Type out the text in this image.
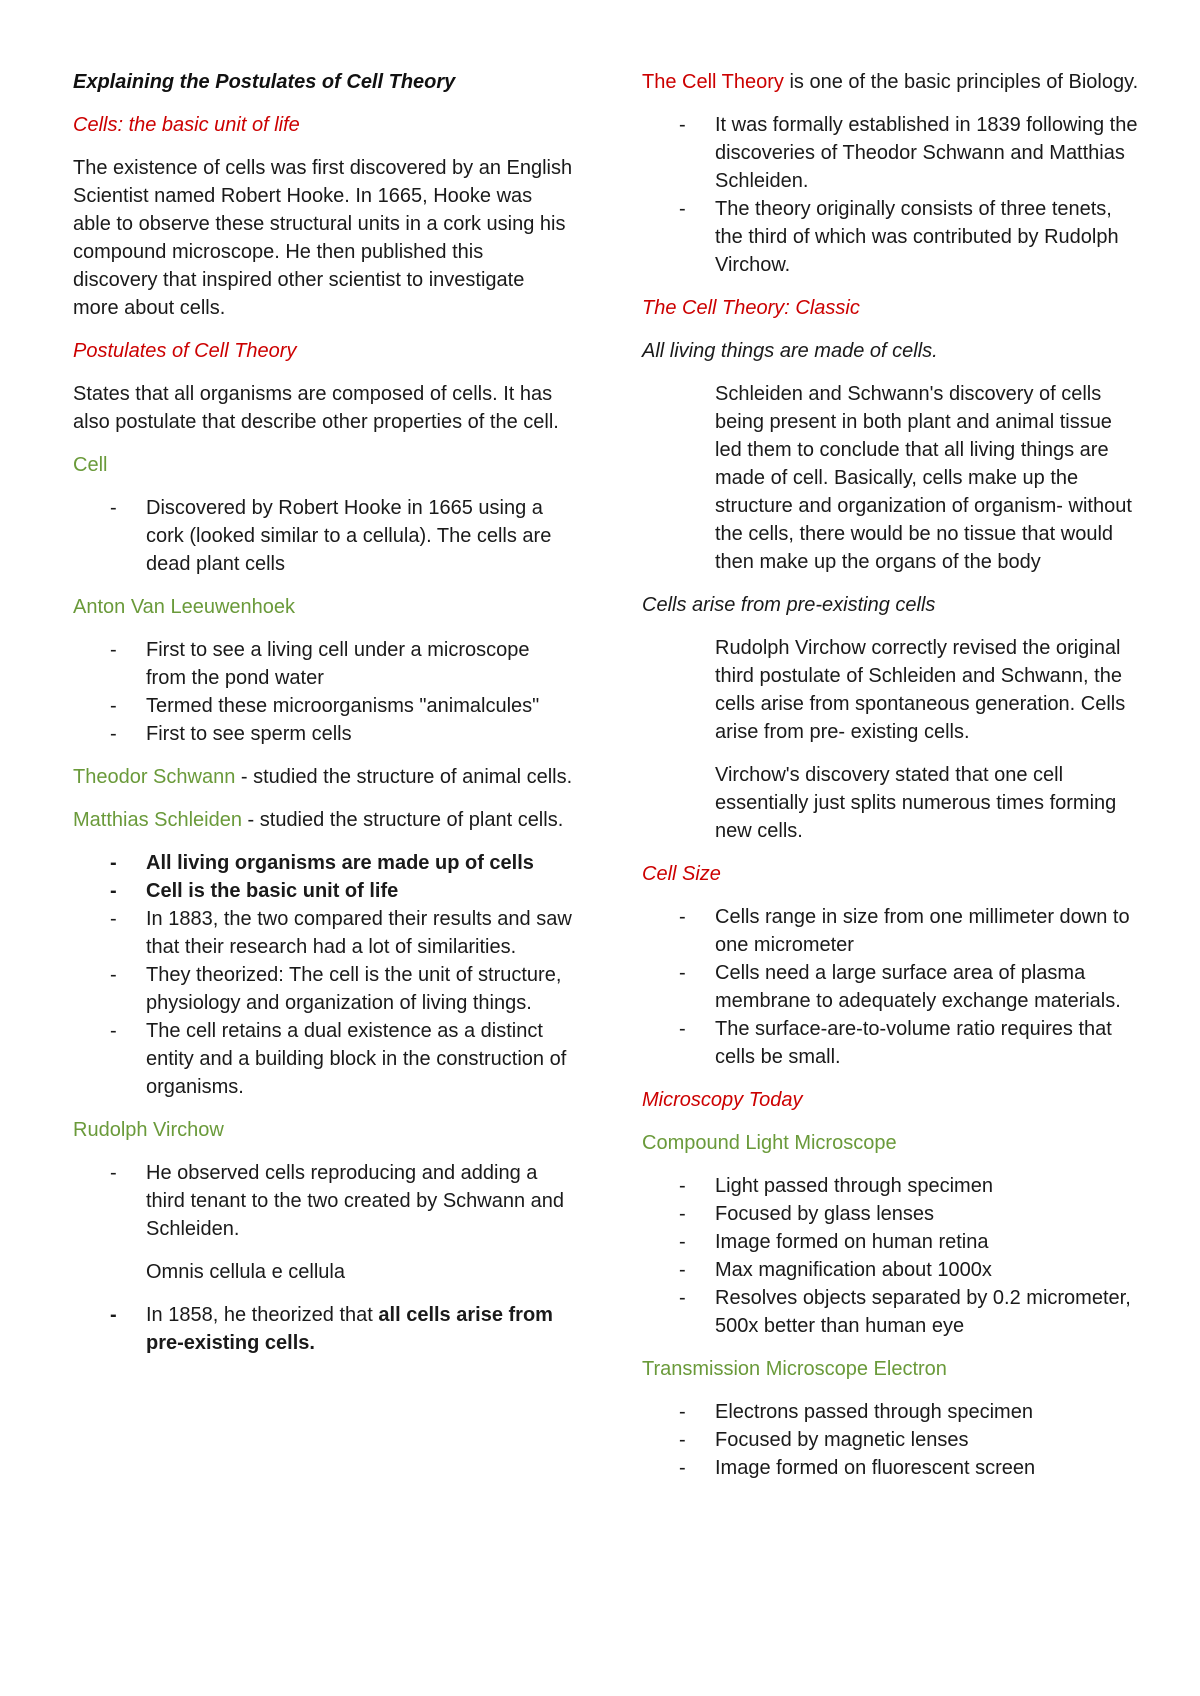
Explaining the Postulates of Cell Theory

Cells: the basic unit of life

The existence of cells was first discovered by an English Scientist named Robert Hooke. In 1665, Hooke was able to observe these structural units in a cork using his compound microscope. He then published this discovery that inspired other scientist to investigate more about cells.

Postulates of Cell Theory

States that all organisms are composed of cells. It has also postulate that describe other properties of the cell.

Cell

- Discovered by Robert Hooke in 1665 using a cork (looked similar to a cellula). The cells are dead plant cells

Anton Van Leeuwenhoek

- First to see a living cell under a microscope from the pond water
- Termed these microorganisms "animalcules"
- First to see sperm cells

Theodor Schwann - studied the structure of animal cells.

Matthias Schleiden - studied the structure of plant cells.

- All living organisms are made up of cells
- Cell is the basic unit of life
- In 1883, the two compared their results and saw that their research had a lot of similarities.
- They theorized: The cell is the unit of structure, physiology and organization of living things.
- The cell retains a dual existence as a distinct entity and a building block in the construction of organisms.

Rudolph Virchow

- He observed cells reproducing and adding a third tenant to the two created by Schwann and Schleiden.

Omnis cellula e cellula

- In 1858, he theorized that all cells arise from pre-existing cells.

The Cell Theory is one of the basic principles of Biology.

- It was formally established in 1839 following the discoveries of Theodor Schwann and Matthias Schleiden.
- The theory originally consists of three tenets, the third of which was contributed by Rudolph Virchow.

The Cell Theory: Classic

All living things are made of cells.

Schleiden and Schwann's discovery of cells being present in both plant and animal tissue led them to conclude that all living things are made of cell. Basically, cells make up the structure and organization of organism- without the cells, there would be no tissue that would then make up the organs of the body

Cells arise from pre-existing cells

Rudolph Virchow correctly revised the original third postulate of Schleiden and Schwann, the cells arise from spontaneous generation. Cells arise from pre- existing cells.

Virchow's discovery stated that one cell essentially just splits numerous times forming new cells.

Cell Size

- Cells range in size from one millimeter down to one micrometer
- Cells need a large surface area of plasma membrane to adequately exchange materials.
- The surface-are-to-volume ratio requires that cells be small.

Microscopy Today

Compound Light Microscope

- Light passed through specimen
- Focused by glass lenses
- Image formed on human retina
- Max magnification about 1000x
- Resolves objects separated by 0.2 micrometer, 500x better than human eye

Transmission Microscope Electron

- Electrons passed through specimen
- Focused by magnetic lenses
- Image formed on fluorescent screen
